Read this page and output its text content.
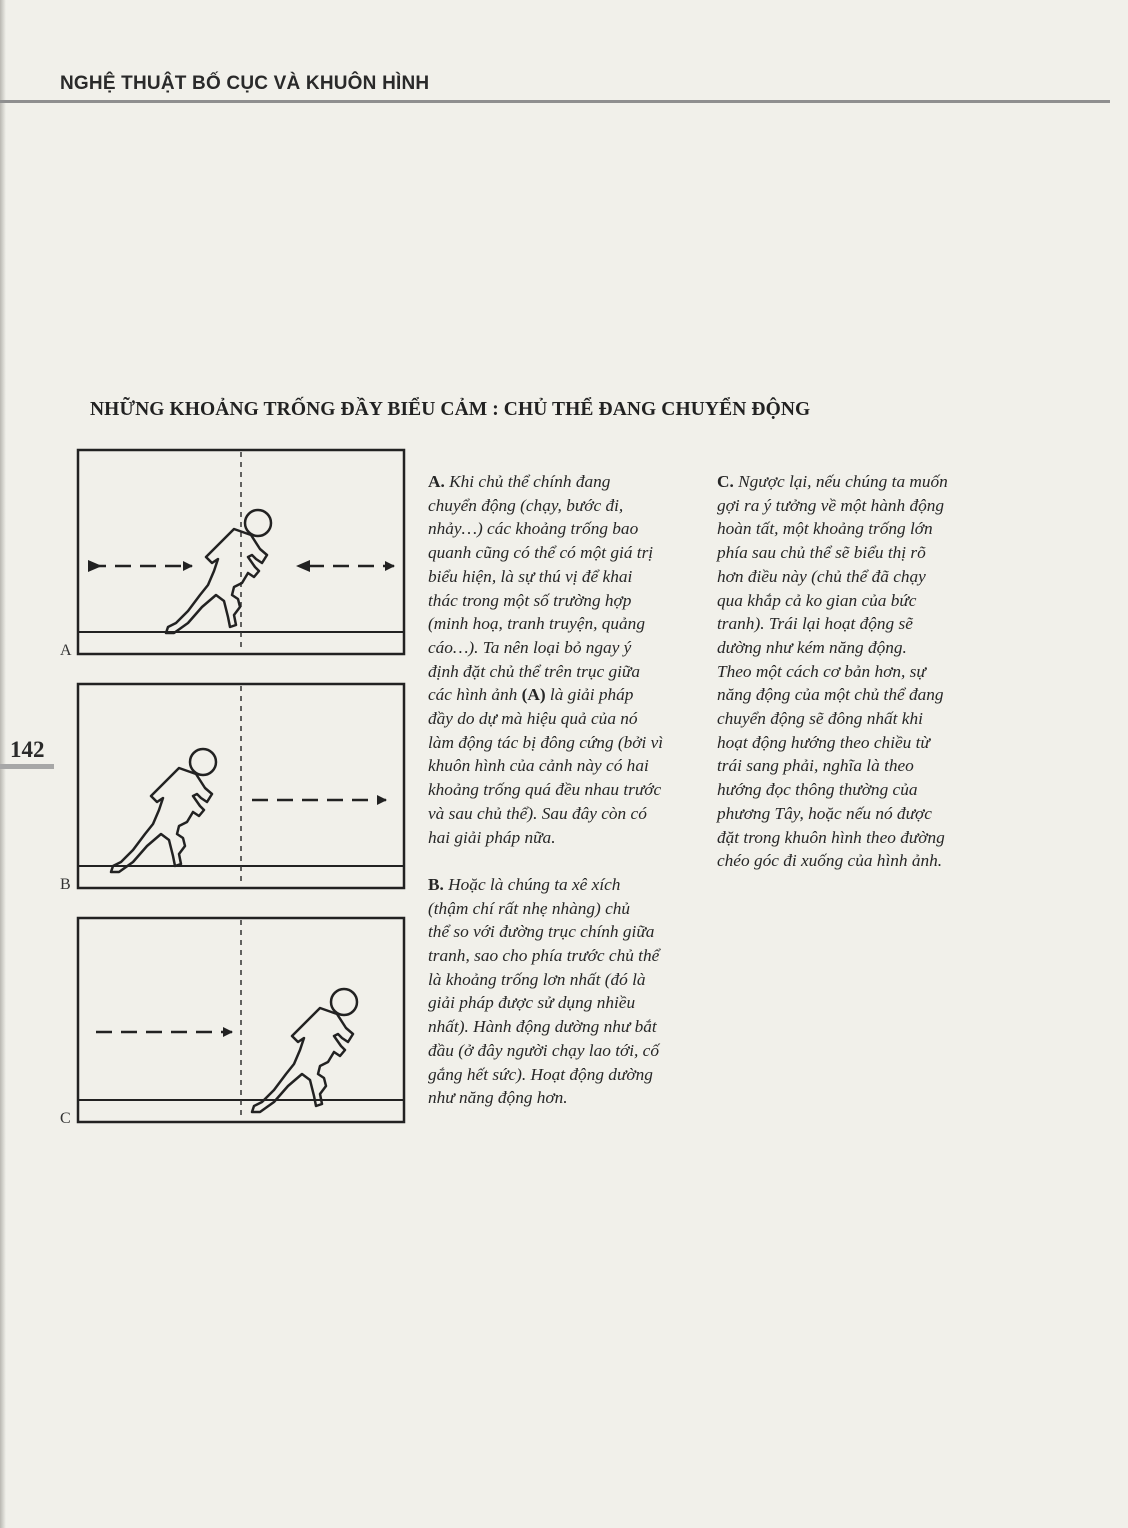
NGHỆ THUẬT BỐ CỤC VÀ KHUÔN HÌNH
142
NHỮNG KHOẢNG TRỐNG ĐẦY BIỂU CẢM : CHỦ THỂ ĐANG CHUYỂN ĐỘNG
A
B
C

A. Khi chủ thể chính đang

chuyển động (chạy, bước đi,

nhảy…) các khoảng trống bao

quanh cũng có thể có một giá trị

biểu hiện, là sự thú vị để khai

thác trong một số trường hợp

(minh hoạ, tranh truyện, quảng

cáo…). Ta nên loại bỏ ngay ý

định đặt chủ thể trên trục giữa

các hình ảnh (A) là giải pháp

đầy do dự mà hiệu quả của nó

làm động tác bị đông cứng (bởi vì

khuôn hình của cảnh này có hai

khoảng trống quá đều nhau trước

và sau chủ thể). Sau đây còn có

hai giải pháp nữa.

B. Hoặc là chúng ta xê xích

(thậm chí rất nhẹ nhàng) chủ

thể so với đường trục chính giữa

tranh, sao cho phía trước chủ thể

là khoảng trống lơn nhất (đó là

giải pháp được sử dụng nhiều

nhất). Hành động dường như bắt

đầu (ở đây người chạy lao tới, cố

gắng hết sức). Hoạt động dường

như năng động hơn.

C. Ngược lại, nếu chúng ta muốn

gợi ra ý tưởng về một hành động

hoàn tất, một khoảng trống lớn

phía sau chủ thể sẽ biểu thị rõ

hơn điều này (chủ thể đã chạy

qua khắp cả ko gian của bức

tranh). Trái lại hoạt động sẽ

dường như kém năng động.

Theo một cách cơ bản hơn, sự

năng động của một chủ thể đang

chuyển động sẽ đông nhất khi

hoạt động hướng theo chiều từ

trái sang phải, nghĩa là theo

hướng đọc thông thường của

phương Tây, hoặc nếu nó được

đặt trong khuôn hình theo đường

chéo góc đi xuống của hình ảnh.
